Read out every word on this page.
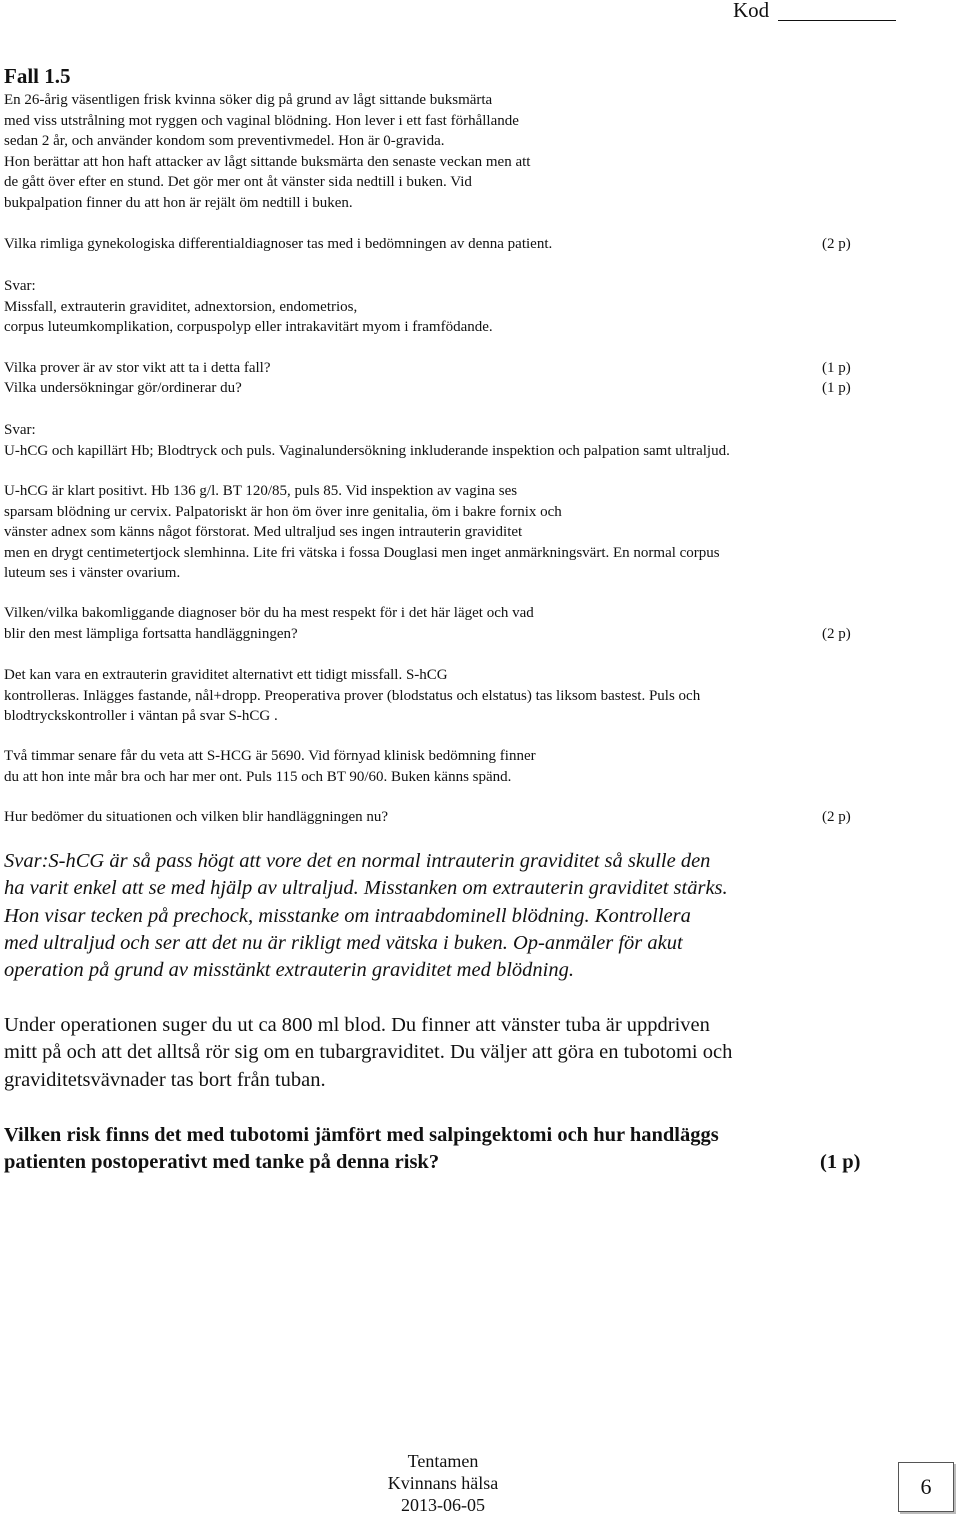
Kod
Fall 1.5
En 26-årig väsentligen frisk kvinna söker dig på grund av lågt sittande buksmärta
med viss utstrålning mot ryggen och vaginal blödning. Hon lever i ett fast förhållande
sedan 2 år, och använder kondom som preventivmedel. Hon är 0-gravida.
Hon berättar att hon haft attacker av lågt sittande buksmärta den senaste veckan men att
de gått över efter en stund. Det gör mer ont åt vänster sida nedtill i buken. Vid
bukpalpation finner du att hon är rejält öm nedtill i buken.
Vilka rimliga gynekologiska differentialdiagnoser tas med i bedömningen av denna patient.	(2 p)
Svar:
Missfall, extrauterin graviditet, adnextorsion, endometrios,
corpus luteumkomplikation, corpuspolyp eller intrakavitärt myom i framfödande.
Vilka prover är av stor vikt att ta i detta fall?	(1 p)
Vilka undersökningar gör/ordinerar du?	(1 p)
Svar:
U-hCG och kapillärt Hb; Blodtryck och puls. Vaginalundersökning inkluderande inspektion och palpation samt ultraljud.
U-hCG är klart positivt. Hb 136 g/l. BT 120/85, puls 85. Vid inspektion av vagina ses
sparsam blödning ur cervix. Palpatoriskt är hon öm över inre genitalia, öm i bakre fornix och
vänster adnex som känns något förstorat. Med ultraljud ses ingen intrauterin graviditet
men en drygt centimetertjock slemhinna. Lite fri vätska i fossa Douglasi men inget anmärkningsvärt. En normal corpus
luteum ses i vänster ovarium.
Vilken/vilka bakomliggande diagnoser bör du ha mest respekt för i det här läget och vad
blir den mest lämpliga fortsatta handläggningen?	(2 p)
Det kan vara en extrauterin graviditet alternativt ett tidigt missfall. S-hCG
kontrolleras. Inlägges fastande, nål+dropp. Preoperativa prover (blodstatus och elstatus) tas liksom bastest. Puls och
blodtryckskontroller i väntan på svar S-hCG .
Två timmar senare får du veta att S-HCG är 5690. Vid förnyad klinisk bedömning finner
du att hon inte mår bra och har mer ont. Puls 115 och BT 90/60. Buken känns spänd.
Hur bedömer du situationen och vilken blir handläggningen nu?	(2 p)
Svar:S-hCG är så pass högt att vore det en normal intrauterin graviditet så skulle den
ha varit enkel att se med hjälp av ultraljud. Misstanken om extrauterin graviditet stärks.
Hon visar tecken på prechock, misstanke om intraabdominell blödning. Kontrollera
med ultraljud och ser att det nu är rikligt med vätska i buken. Op-anmäler för akut
operation på grund av misstänkt extrauterin graviditet med blödning.
Under operationen suger du ut ca 800 ml blod. Du finner att vänster tuba är uppdriven
mitt på och att det alltså rör sig om en tubargraviditet. Du väljer att göra en tubotomi och
graviditetsvävnader tas bort från tuban.
Vilken risk finns det med tubotomi jämfört med salpingektomi och hur handläggs
patienten postoperativt med tanke på denna risk?	(1 p)
Tentamen
Kvinnans hälsa
2013-06-05
6
